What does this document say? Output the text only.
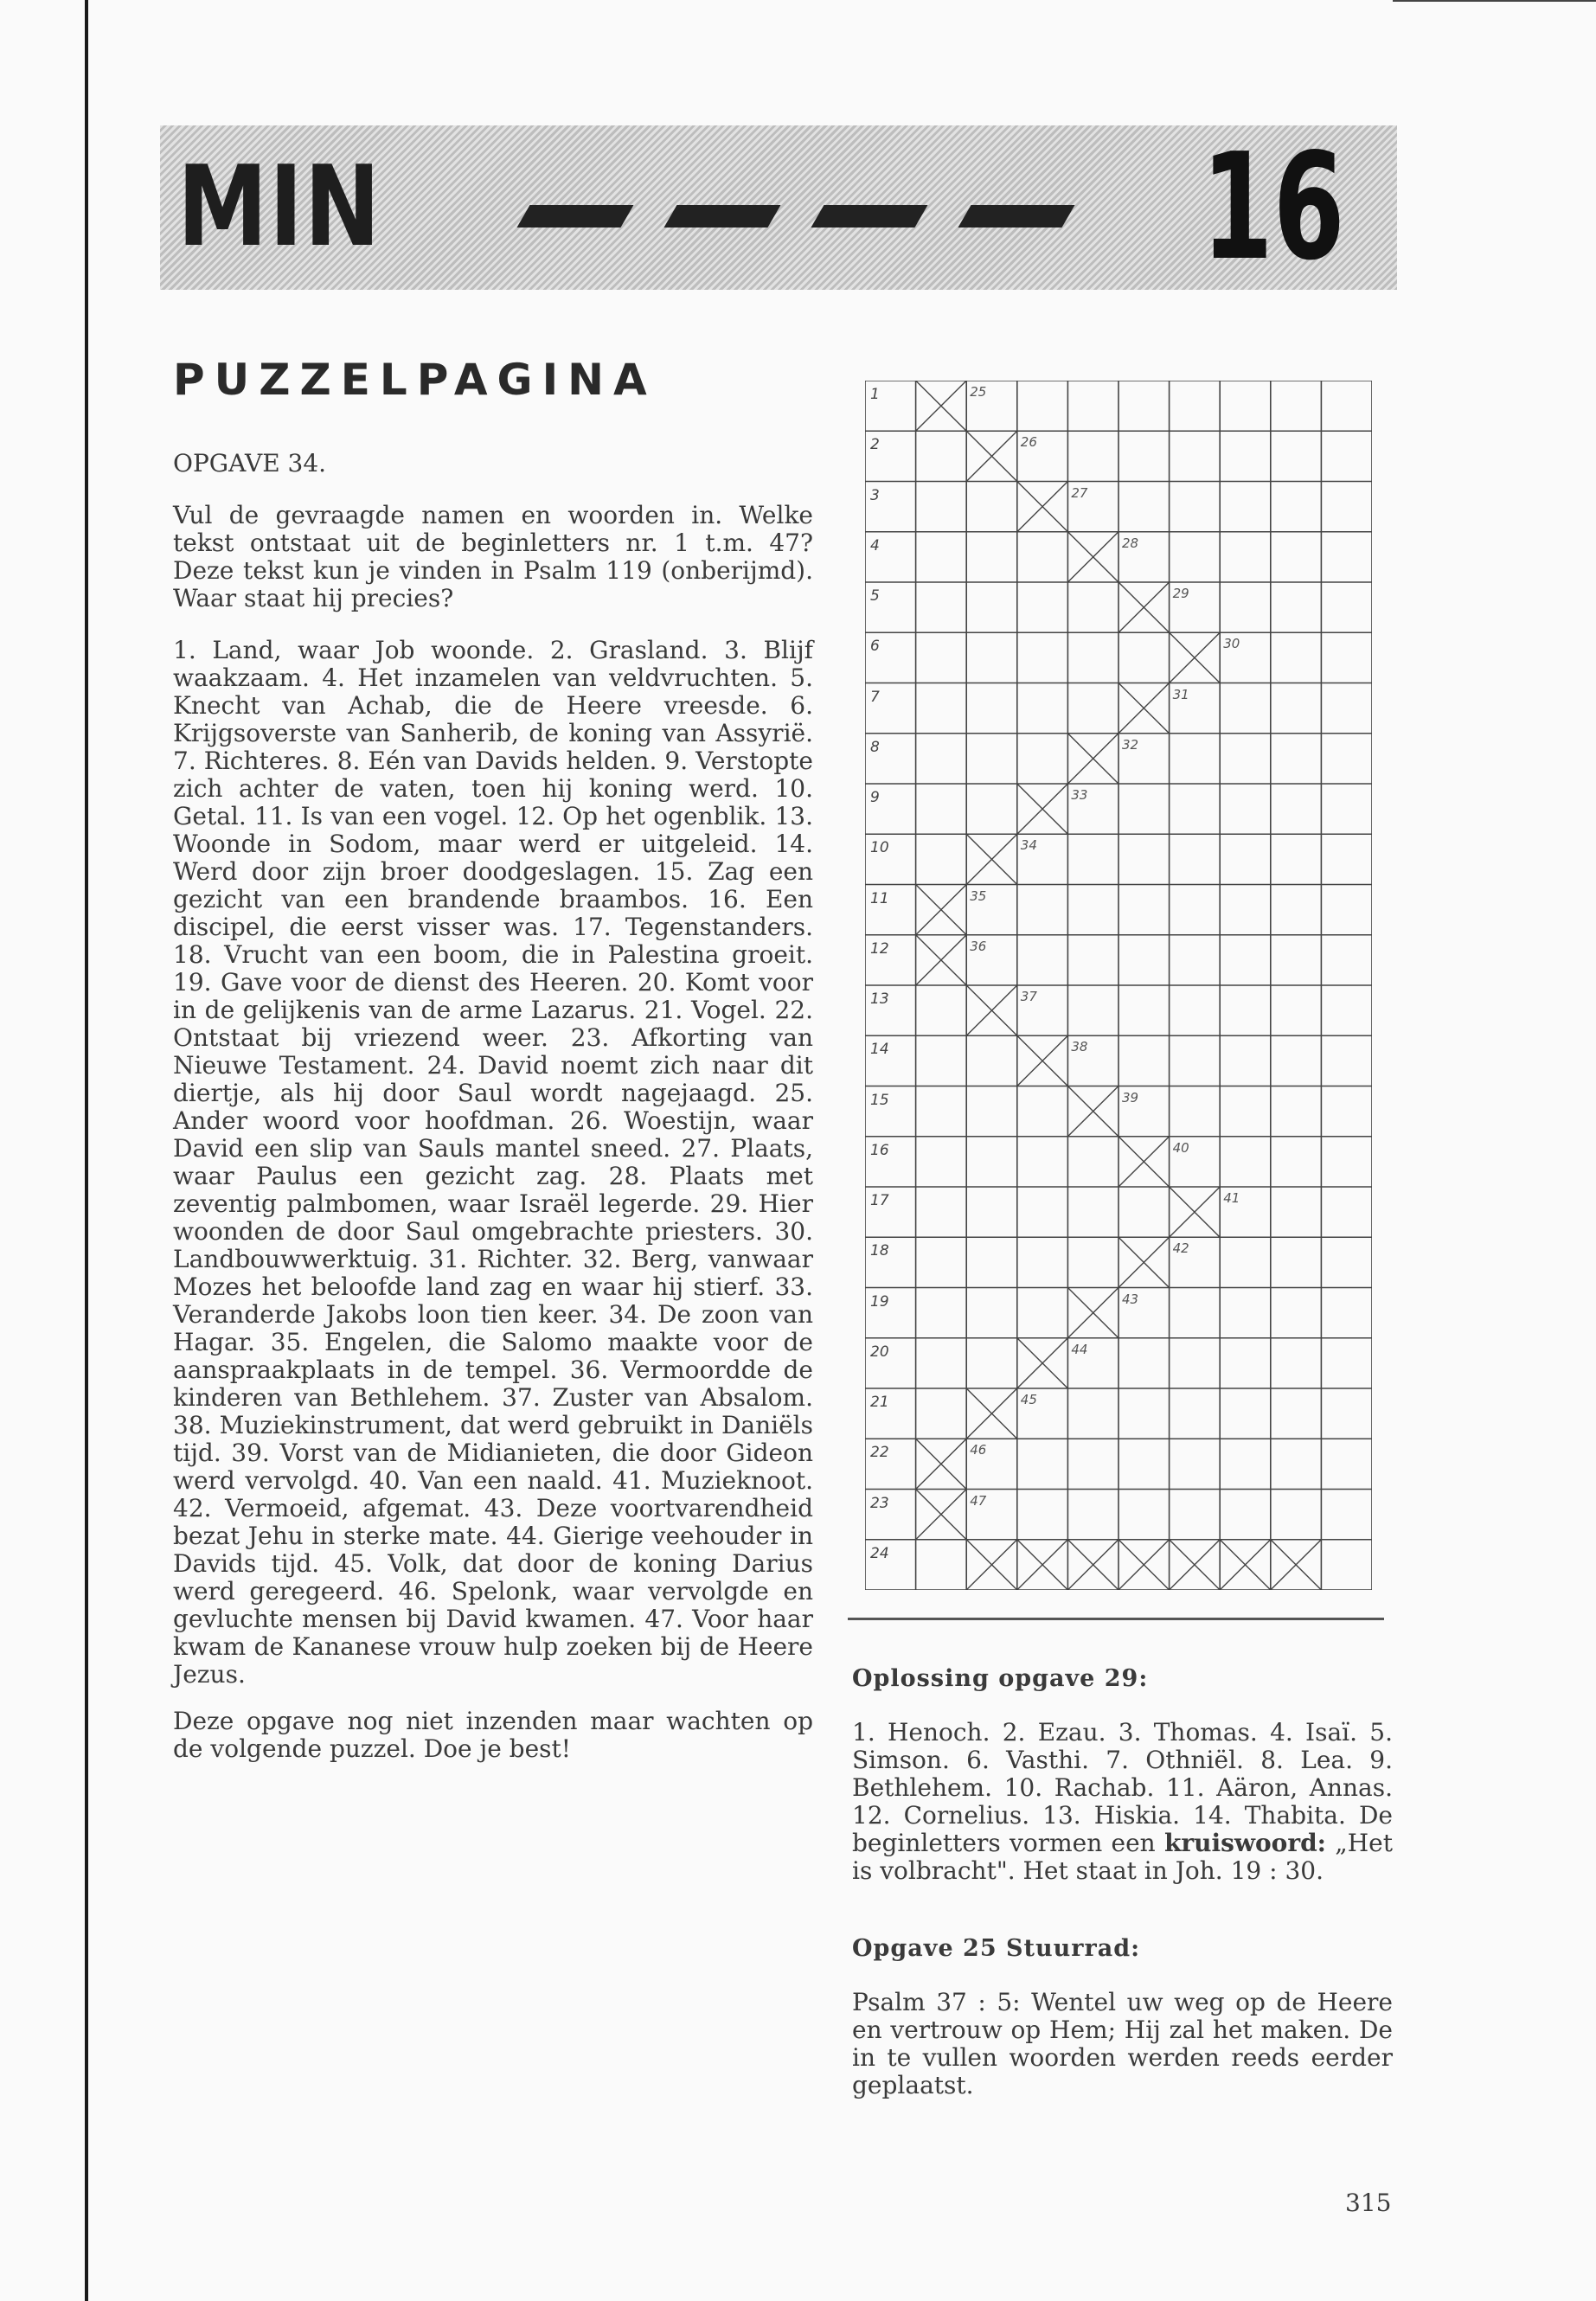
MIN	16
PUZZELPAGINA

OPGAVE 34.

Vul de gevraagde namen en woorden in. Welke tekst ontstaat uit de beginletters nr. 1 t.m. 47? Deze tekst kun je vinden in Psalm 119 (onberijmd). Waar staat hij precies?

1. Land, waar Job woonde. 2. Grasland. 3. Blijf waakzaam. 4. Het inzamelen van veldvruchten. 5. Knecht van Achab, die de Heere vreesde. 6. Krijgsoverste van Sanherib, de koning van Assyrië. 7. Richteres. 8. Eén van Davids helden. 9. Verstopte zich achter de vaten, toen hij koning werd. 10. Getal. 11. Is van een vogel. 12. Op het ogenblik. 13. Woonde in Sodom, maar werd er uitgeleid. 14. Werd door zijn broer doodgeslagen. 15. Zag een gezicht van een brandende braambos. 16. Een discipel, die eerst visser was. 17. Tegenstanders. 18. Vrucht van een boom, die in Palestina groeit. 19. Gave voor de dienst des Heeren. 20. Komt voor in de gelijkenis van de arme Lazarus. 21. Vogel. 22. Ontstaat bij vriezend weer. 23. Afkorting van Nieuwe Testament. 24. David noemt zich naar dit diertje, als hij door Saul wordt nagejaagd. 25. Ander woord voor hoofdman. 26. Woestijn, waar David een slip van Sauls mantel sneed. 27. Plaats, waar Paulus een gezicht zag. 28. Plaats met zeventig palmbomen, waar Israël legerde. 29. Hier woonden de door Saul omgebrachte priesters. 30. Landbouwwerktuig. 31. Richter. 32. Berg, vanwaar Mozes het beloofde land zag en waar hij stierf. 33. Veranderde Jakobs loon tien keer. 34. De zoon van Hagar. 35. Engelen, die Salomo maakte voor de aanspraakplaats in de tempel. 36. Vermoordde de kinderen van Bethlehem. 37. Zuster van Absalom. 38. Muziekinstrument, dat werd gebruikt in Daniëls tijd. 39. Vorst van de Midianieten, die door Gideon werd vervolgd. 40. Van een naald. 41. Muzieknoot. 42. Vermoeid, afgemat. 43. Deze voortvarendheid bezat Jehu in sterke mate. 44. Gierige veehouder in Davids tijd. 45. Volk, dat door de koning Darius werd geregeerd. 46. Spelonk, waar vervolgde en gevluchte mensen bij David kwamen. 47. Voor haar kwam de Kananese vrouw hulp zoeken bij de Heere Jezus.

Deze opgave nog niet inzenden maar wachten op de volgende puzzel. Doe je best!

1
2
3
4
5
6
7
8
9
10
11
12
13
14
15
16
17
18
19
20
21
22
23
24
25
26
27
28
29
30
31
32
33
34
35
36
37
38
39
40
41
42
43
44
45
46
47

Oplossing opgave 29:

1. Henoch. 2. Ezau. 3. Thomas. 4. Isaï. 5. Simson. 6. Vasthi. 7. Othniël. 8. Lea. 9. Bethlehem. 10. Rachab. 11. Aäron, Annas. 12. Cornelius. 13. Hiskia. 14. Thabita. De beginletters vormen een kruiswoord: „Het is volbracht". Het staat in Joh. 19 : 30.

Opgave 25 Stuurrad:

Psalm 37 : 5: Wentel uw weg op de Heere en vertrouw op Hem; Hij zal het maken. De in te vullen woorden werden reeds eerder geplaatst.

315
